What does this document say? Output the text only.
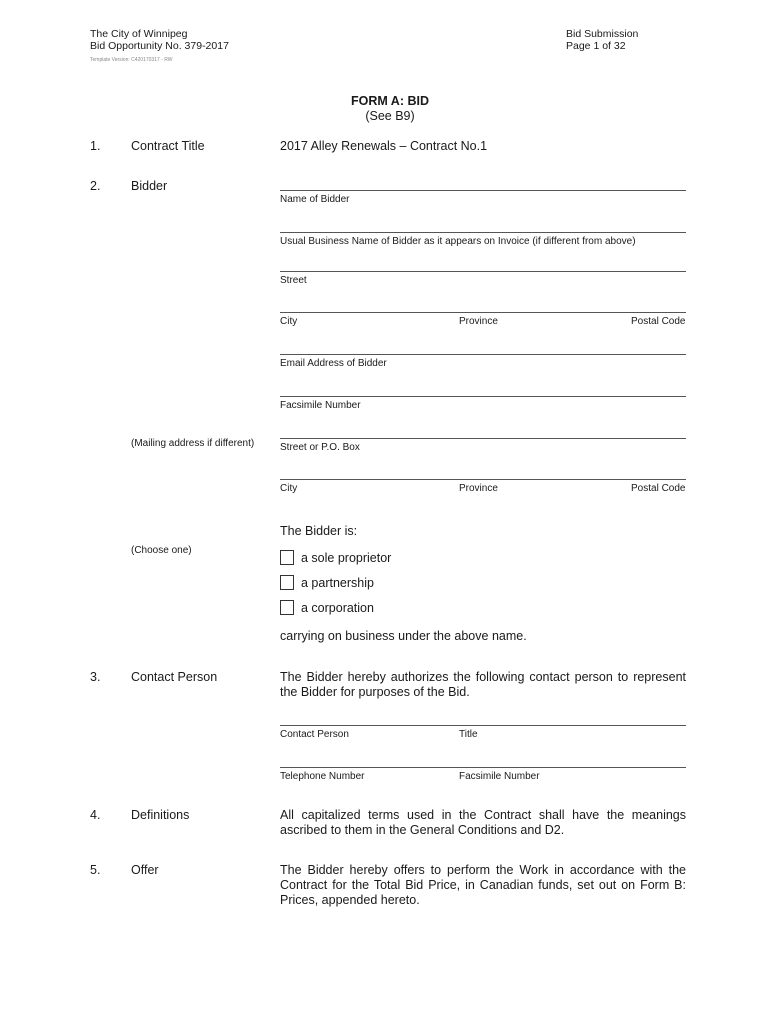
The City of Winnipeg
Bid Opportunity No. 379-2017
Template Version: C420170317 - RW
Bid Submission
Page 1 of 32
FORM A: BID
(See B9)
1. Contract Title	2017 Alley Renewals – Contract No.1
2. Bidder
Name of Bidder
Usual Business Name of Bidder as it appears on Invoice (if different from above)
Street
City	Province	Postal Code
Email Address of Bidder
Facsimile Number
(Mailing address if different)	Street or P.O. Box
City	Province	Postal Code
The Bidder is:
(Choose one)
a sole proprietor
a partnership
a corporation
carrying on business under the above name.
3. Contact Person	The Bidder hereby authorizes the following contact person to represent the Bidder for purposes of the Bid.
Contact Person	Title
Telephone Number	Facsimile Number
4. Definitions	All capitalized terms used in the Contract shall have the meanings ascribed to them in the General Conditions and D2.
5. Offer	The Bidder hereby offers to perform the Work in accordance with the Contract for the Total Bid Price, in Canadian funds, set out on Form B: Prices, appended hereto.
